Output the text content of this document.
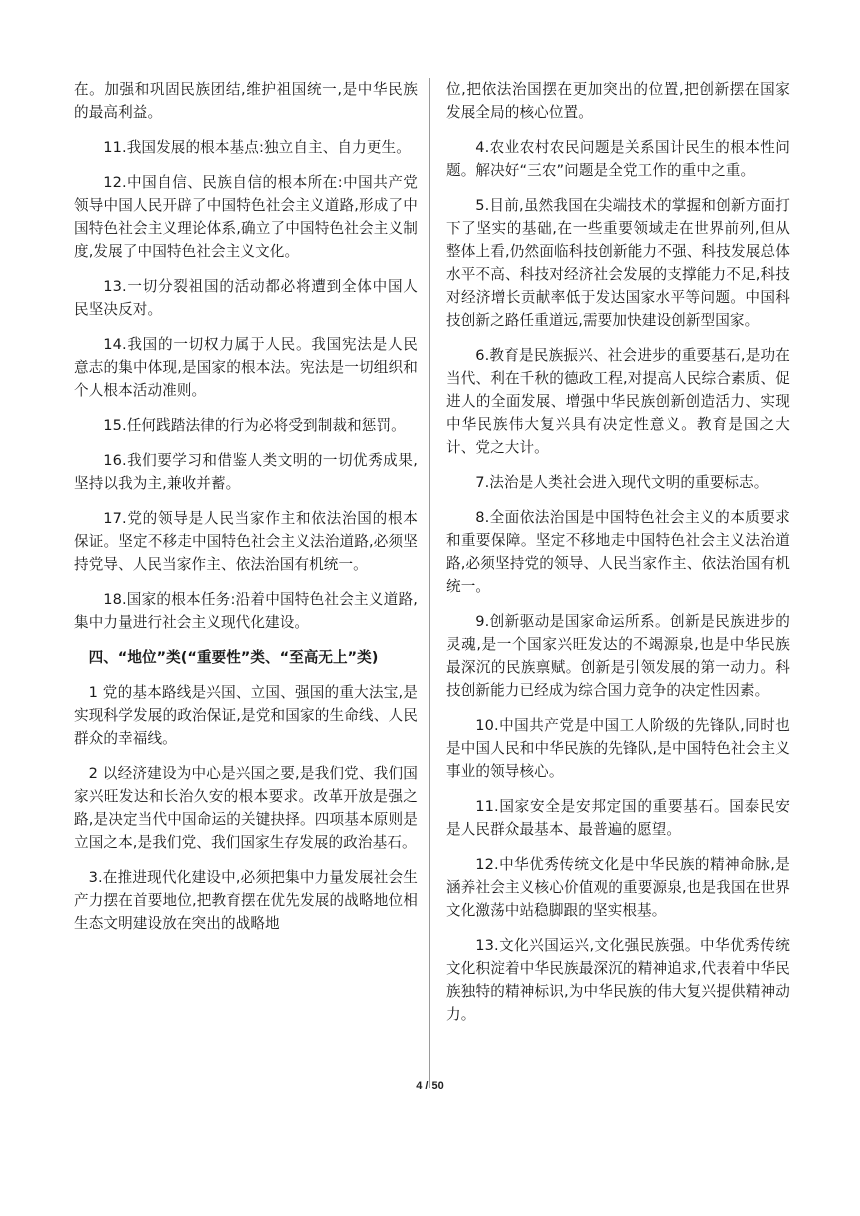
在。加强和巩固民族团结,维护祖国统一,是中华民族的最高利益。

11.我国发展的根本基点:独立自主、自力更生。

12.中国自信、民族自信的根本所在:中国共产党领导中国人民开辟了中国特色社会主义道路,形成了中国特色社会主义理论体系,确立了中国特色社会主义制度,发展了中国特色社会主义文化。

13.一切分裂祖国的活动都必将遭到全体中国人民坚决反对。

14.我国的一切权力属于人民。我国宪法是人民意志的集中体现,是国家的根本法。宪法是一切组织和个人根本活动准则。

15.任何践踏法律的行为必将受到制裁和惩罚。

16.我们要学习和借鉴人类文明的一切优秀成果,坚持以我为主,兼收并蓄。

17.党的领导是人民当家作主和依法治国的根本保证。坚定不移走中国特色社会主义法治道路,必须坚持党导、人民当家作主、依法治国有机统一。

18.国家的根本任务:沿着中国特色社会主义道路,集中力量进行社会主义现代化建设。

四、“地位”类(“重要性”类、“至高无上”类)

1 党的基本路线是兴国、立国、强国的重大法宝,是实现科学发展的政治保证,是党和国家的生命线、人民群众的幸福线。

2 以经济建设为中心是兴国之要,是我们党、我们国家兴旺发达和长治久安的根本要求。改革开放是强之路,是决定当代中国命运的关键抉择。四项基本原则是立国之本,是我们党、我们国家生存发展的政治基石。

3.在推进现代化建设中,必须把集中力量发展社会生产力摆在首要地位,把教育摆在优先发展的战略地位相生态文明建设放在突出的战略地

位,把依法治国摆在更加突出的位置,把创新摆在国家发展全局的核心位置。

4.农业农村农民问题是关系国计民生的根本性问题。解决好“三农”问题是全党工作的重中之重。

5.目前,虽然我国在尖端技术的掌握和创新方面打下了坚实的基础,在一些重要领域走在世界前列,但从整体上看,仍然面临科技创新能力不强、科技发展总体水平不高、科技对经济社会发展的支撑能力不足,科技对经济增长贡献率低于发达国家水平等问题。中国科技创新之路任重道远,需要加快建设创新型国家。

6.教育是民族振兴、社会进步的重要基石,是功在当代、利在千秋的德政工程,对提高人民综合素质、促进人的全面发展、增强中华民族创新创造活力、实现中华民族伟大复兴具有决定性意义。教育是国之大计、党之大计。

7.法治是人类社会进入现代文明的重要标志。

8.全面依法治国是中国特色社会主义的本质要求和重要保障。坚定不移地走中国特色社会主义法治道路,必须坚持党的领导、人民当家作主、依法治国有机统一。

9.创新驱动是国家命运所系。创新是民族进步的灵魂,是一个国家兴旺发达的不竭源泉,也是中华民族最深沉的民族禀赋。创新是引领发展的第一动力。科技创新能力已经成为综合国力竞争的决定性因素。

10.中国共产党是中国工人阶级的先锋队,同时也是中国人民和中华民族的先锋队,是中国特色社会主义事业的领导核心。

11.国家安全是安邦定国的重要基石。国泰民安是人民群众最基本、最普遍的愿望。

12.中华优秀传统文化是中华民族的精神命脉,是涵养社会主义核心价值观的重要源泉,也是我国在世界文化激荡中站稳脚跟的坚实根基。

13.文化兴国运兴,文化强民族强。中华优秀传统文化积淀着中华民族最深沉的精神追求,代表着中华民族独特的精神标识,为中华民族的伟大复兴提供精神动力。

4 / 50
